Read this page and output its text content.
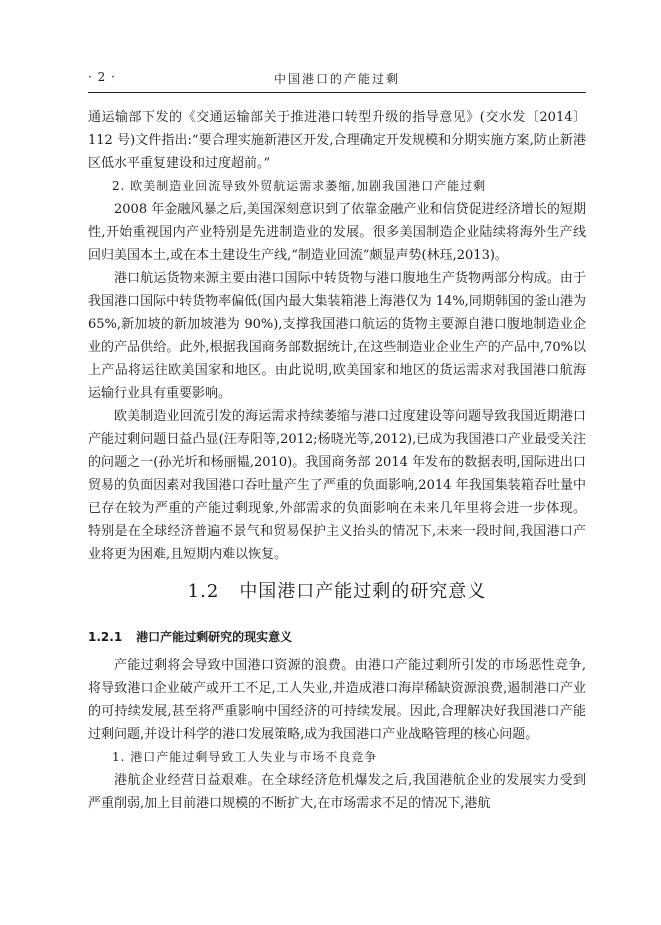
· 2 ·	中国港口的产能过剩

通运输部下发的《交通运输部关于推进港口转型升级的指导意见》(交水发〔2014〕112 号)文件指出:“要合理实施新港区开发,合理确定开发规模和分期实施方案,防止新港区低水平重复建设和过度超前。”

2. 欧美制造业回流导致外贸航运需求萎缩,加剧我国港口产能过剩

2008 年金融风暴之后,美国深刻意识到了依靠金融产业和信贷促进经济增长的短期性,开始重视国内产业特别是先进制造业的发展。很多美国制造企业陆续将海外生产线回归美国本土,或在本土建设生产线,“制造业回流”颇显声势(林珏,2013)。

港口航运货物来源主要由港口国际中转货物与港口腹地生产货物两部分构成。由于我国港口国际中转货物率偏低(国内最大集装箱港上海港仅为 14%,同期韩国的釜山港为 65%,新加坡的新加坡港为 90%),支撑我国港口航运的货物主要源自港口腹地制造业企业的产品供给。此外,根据我国商务部数据统计,在这些制造业企业生产的产品中,70%以上产品将运往欧美国家和地区。由此说明,欧美国家和地区的货运需求对我国港口航海运输行业具有重要影响。

欧美制造业回流引发的海运需求持续萎缩与港口过度建设等问题导致我国近期港口产能过剩问题日益凸显(汪寿阳等,2012;杨晓光等,2012),已成为我国港口产业最受关注的问题之一(孙光圻和杨丽韫,2010)。我国商务部 2014 年发布的数据表明,国际进出口贸易的负面因素对我国港口吞吐量产生了严重的负面影响,2014 年我国集装箱吞吐量中已存在较为严重的产能过剩现象,外部需求的负面影响在未来几年里将会进一步体现。特别是在全球经济普遍不景气和贸易保护主义抬头的情况下,未来一段时间,我国港口产业将更为困难,且短期内难以恢复。

1.2 中国港口产能过剩的研究意义
1.2.1 港口产能过剩研究的现实意义

产能过剩将会导致中国港口资源的浪费。由港口产能过剩所引发的市场恶性竞争,将导致港口企业破产或开工不足,工人失业,并造成港口海岸稀缺资源浪费,遏制港口产业的可持续发展,甚至将严重影响中国经济的可持续发展。因此,合理解决好我国港口产能过剩问题,并设计科学的港口发展策略,成为我国港口产业战略管理的核心问题。

1. 港口产能过剩导致工人失业与市场不良竞争

港航企业经营日益艰难。在全球经济危机爆发之后,我国港航企业的发展实力受到严重削弱,加上目前港口规模的不断扩大,在市场需求不足的情况下,港航
